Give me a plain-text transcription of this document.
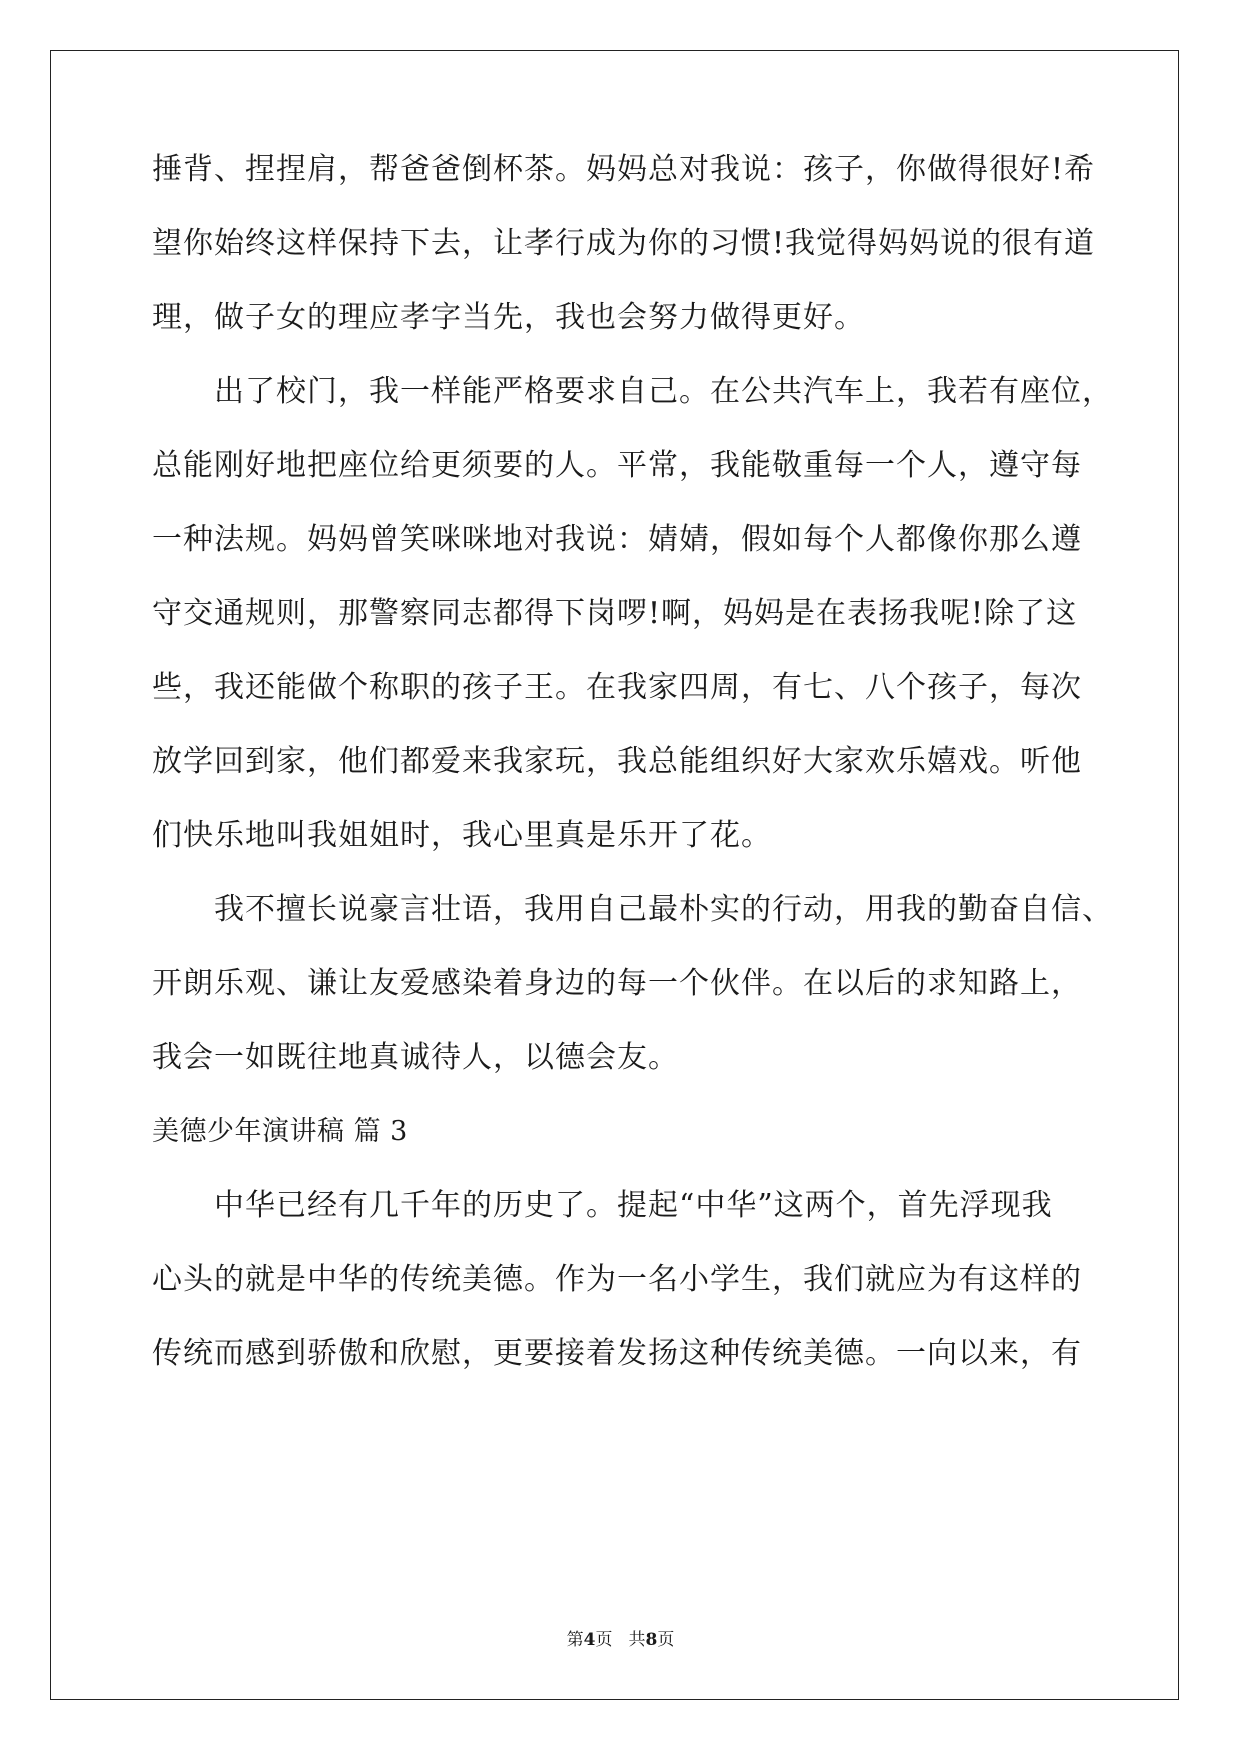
捶背、捏捏肩，帮爸爸倒杯茶。妈妈总对我说：孩子，你做得很好!希
望你始终这样保持下去，让孝行成为你的习惯!我觉得妈妈说的很有道
理，做子女的理应孝字当先，我也会努力做得更好。
出了校门，我一样能严格要求自己。在公共汽车上，我若有座位，
总能刚好地把座位给更须要的人。平常，我能敬重每一个人，遵守每
一种法规。妈妈曾笑咪咪地对我说：婧婧，假如每个人都像你那么遵
守交通规则，那警察同志都得下岗啰!啊，妈妈是在表扬我呢!除了这
些，我还能做个称职的孩子王。在我家四周，有七、八个孩子，每次
放学回到家，他们都爱来我家玩，我总能组织好大家欢乐嬉戏。听他
们快乐地叫我姐姐时，我心里真是乐开了花。
我不擅长说豪言壮语，我用自己最朴实的行动，用我的勤奋自信、
开朗乐观、谦让友爱感染着身边的每一个伙伴。在以后的求知路上，
我会一如既往地真诚待人，以德会友。
美德少年演讲稿 篇 3
中华已经有几千年的历史了。提起“中华”这两个，首先浮现我
心头的就是中华的传统美德。作为一名小学生，我们就应为有这样的
传统而感到骄傲和欣慰，更要接着发扬这种传统美德。一向以来，有
第4页 共8页
